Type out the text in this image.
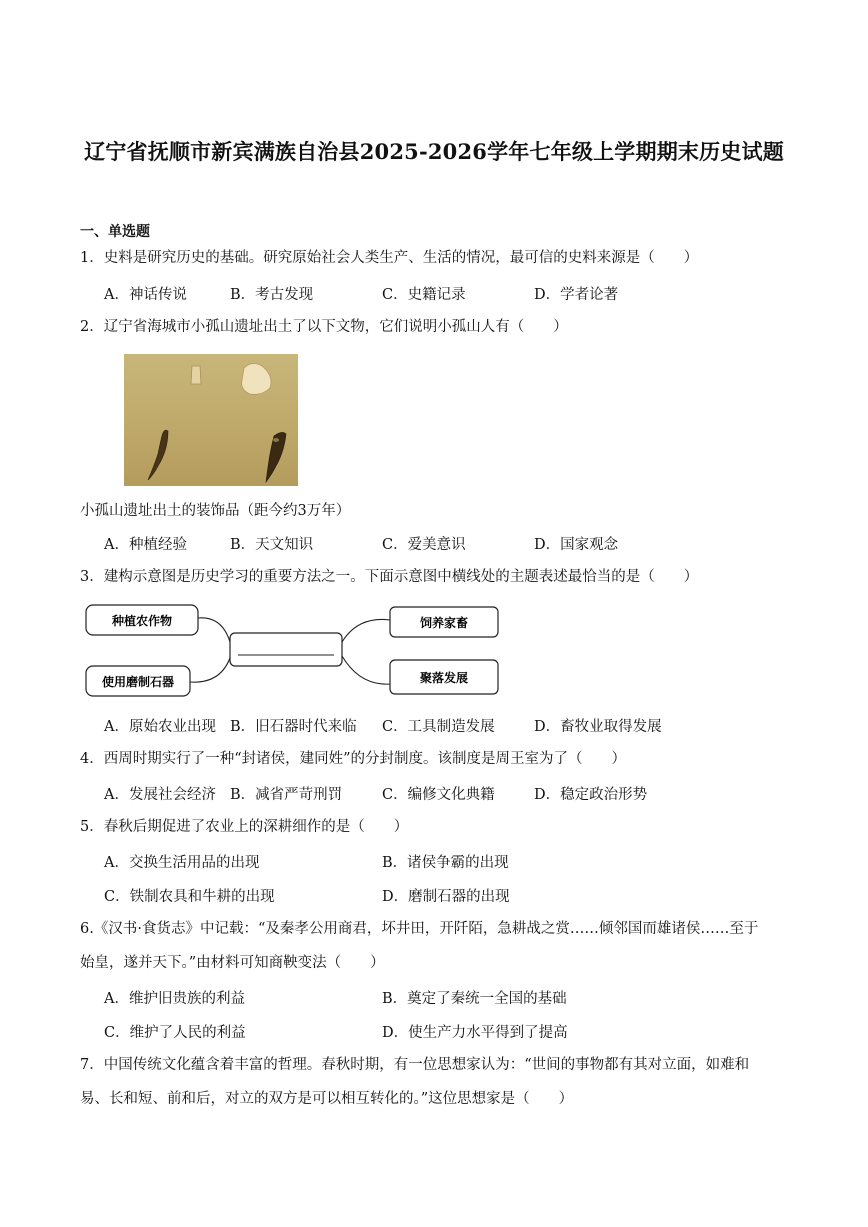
辽宁省抚顺市新宾满族自治县2025-2026学年七年级上学期期末历史试题
一、单选题
1．史料是研究历史的基础。研究原始社会人类生产、生活的情况，最可信的史料来源是（　　）
A．神话传说	B．考古发现	C．史籍记录	D．学者论著
2．辽宁省海城市小孤山遗址出土了以下文物，它们说明小孤山人有（　　）
小孤山遗址出土的装饰品（距今约3万年）
A．种植经验	B．天文知识	C．爱美意识	D．国家观念
3．建构示意图是历史学习的重要方法之一。下面示意图中横线处的主题表述最恰当的是（　　）
种植农作物
使用磨制石器
饲养家畜
聚落发展
A．原始农业出现 B．旧石器时代来临 C．工具制造发展	D．畜牧业取得发展
4．西周时期实行了一种“封诸侯，建同姓”的分封制度。该制度是周王室为了（　　）
A．发展社会经济 B．减省严苛刑罚	C．编修文化典籍	D．稳定政治形势
5．春秋后期促进了农业上的深耕细作的是（　　）
A．交换生活用品的出现	B．诸侯争霸的出现
C．铁制农具和牛耕的出现	D．磨制石器的出现
6.《汉书·食货志》中记载：“及秦孝公用商君，坏井田，开阡陌，急耕战之赏……倾邻国而雄诸侯……至于
始皇，遂并天下。”由材料可知商鞅变法（　　）
A．维护旧贵族的利益	B．奠定了秦统一全国的基础
C．维护了人民的利益	D．使生产力水平得到了提高
7．中国传统文化蕴含着丰富的哲理。春秋时期，有一位思想家认为：“世间的事物都有其对立面，如难和
易、长和短、前和后，对立的双方是可以相互转化的。”这位思想家是（　　）
